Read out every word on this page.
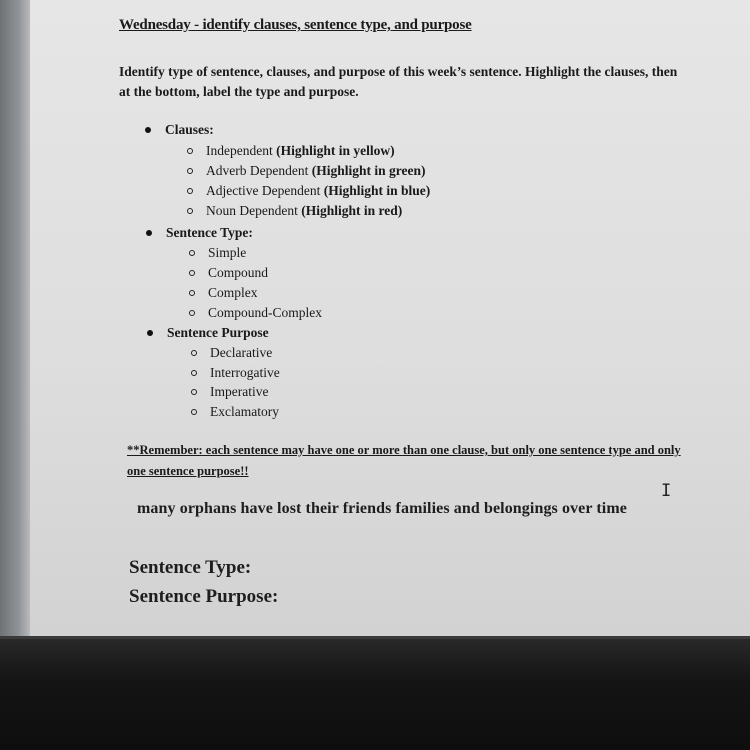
Wednesday - identify clauses, sentence type, and purpose
Identify type of sentence, clauses, and purpose of this week’s sentence. Highlight the clauses, then at the bottom, label the type and purpose.
Clauses:
Independent (Highlight in yellow)
Adverb Dependent (Highlight in green)
Adjective Dependent (Highlight in blue)
Noun Dependent (Highlight in red)
Sentence Type:
Simple
Compound
Complex
Compound-Complex
Sentence Purpose
Declarative
Interrogative
Imperative
Exclamatory
**Remember: each sentence may have one or more than one clause, but only one sentence type and only one sentence purpose!!
I
many orphans have lost their friends families and belongings over time
Sentence Type:
Sentence Purpose:
